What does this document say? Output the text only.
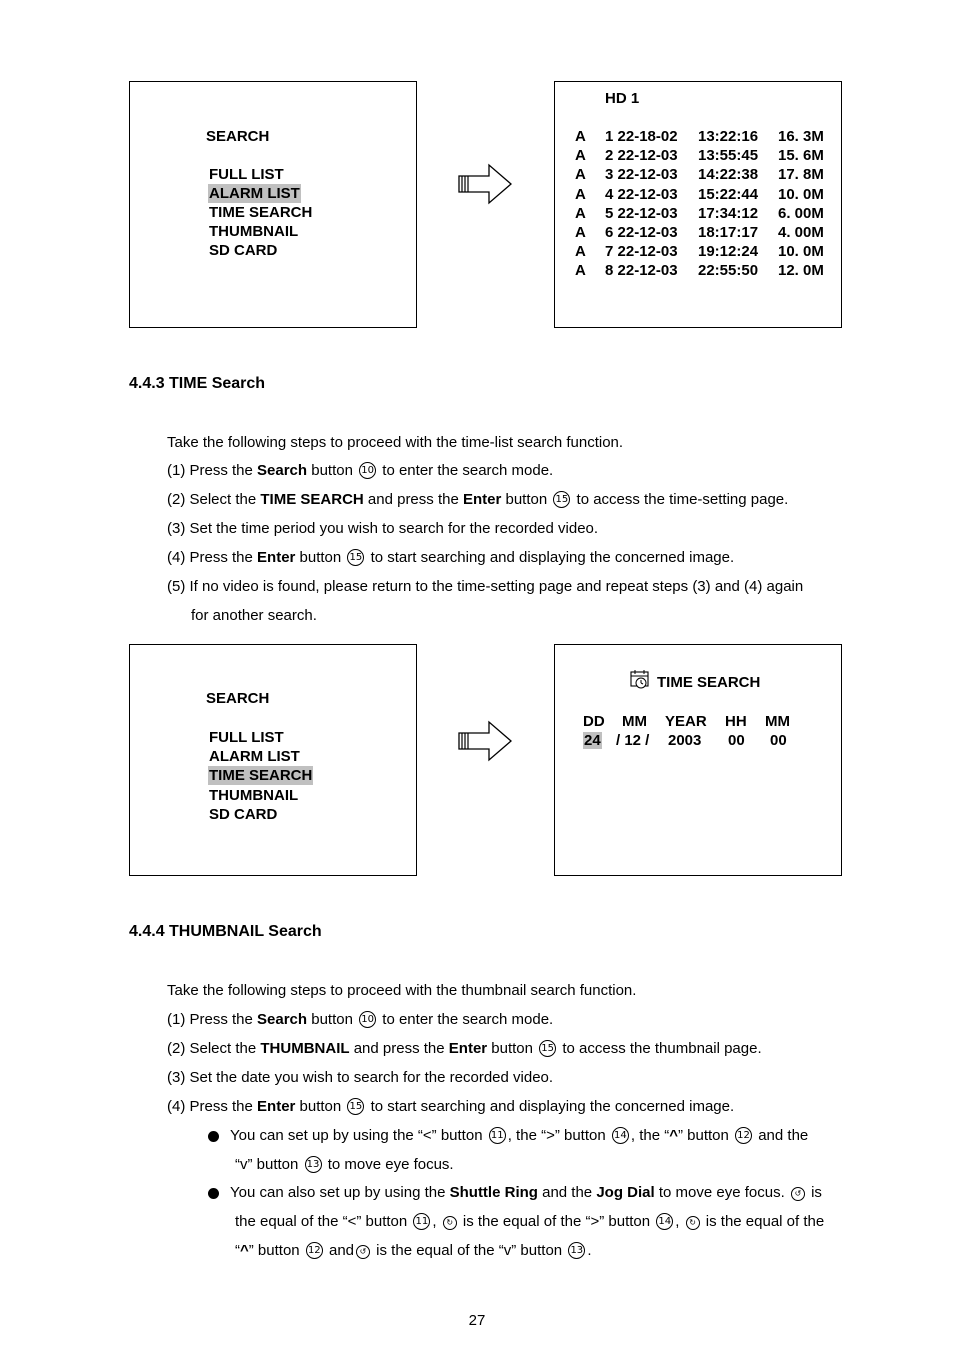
SEARCH
FULL LIST
ALARM LIST
TIME SEARCH
THUMBNAIL
SD CARD
HD 1
A 1 22-18-02 13:22:16 16. 3M
A 2 22-12-03 13:55:45 15. 6M
A 3 22-12-03 14:22:38 17. 8M
A 4 22-12-03 15:22:44 10. 0M
A 5 22-12-03 17:34:12 6. 00M
A 6 22-12-03 18:17:17 4. 00M
A 7 22-12-03 19:12:24 10. 0M
A 8 22-12-03 22:55:50 12. 0M
4.4.3 TIME Search
Take the following steps to proceed with the time-list search function.
(1) Press the Search button 10 to enter the search mode.
(2) Select the TIME SEARCH and press the Enter button 15 to access the time-setting page.
(3) Set the time period you wish to search for the recorded video.
(4) Press the Enter button 15 to start searching and displaying the concerned image.
(5) If no video is found, please return to the time-setting page and repeat steps (3) and (4) again
for another search.
SEARCH
FULL LIST
ALARM LIST
TIME SEARCH
THUMBNAIL
SD CARD
TIME SEARCH
DD MM YEAR HH MM
24 / 12 / 2003 00 00
4.4.4 THUMBNAIL Search
Take the following steps to proceed with the thumbnail search function.
(1) Press the Search button 10 to enter the search mode.
(2) Select the THUMBNAIL and press the Enter button 15 to access the thumbnail page.
(3) Set the date you wish to search for the recorded video.
(4) Press the Enter button 15 to start searching and displaying the concerned image.
You can set up by using the “<” button 11 , the “>” button 14 , the “^” button 12 and the
“v” button 13 to move eye focus.
You can also set up by using the Shuttle Ring and the Jog Dial to move eye focus. ↺ is
the equal of the “<” button 11 , ↻ is the equal of the “>” button 14 , ↻ is the equal of the
“^” button 12 and ↺ is the equal of the “v” button 13 .
27
